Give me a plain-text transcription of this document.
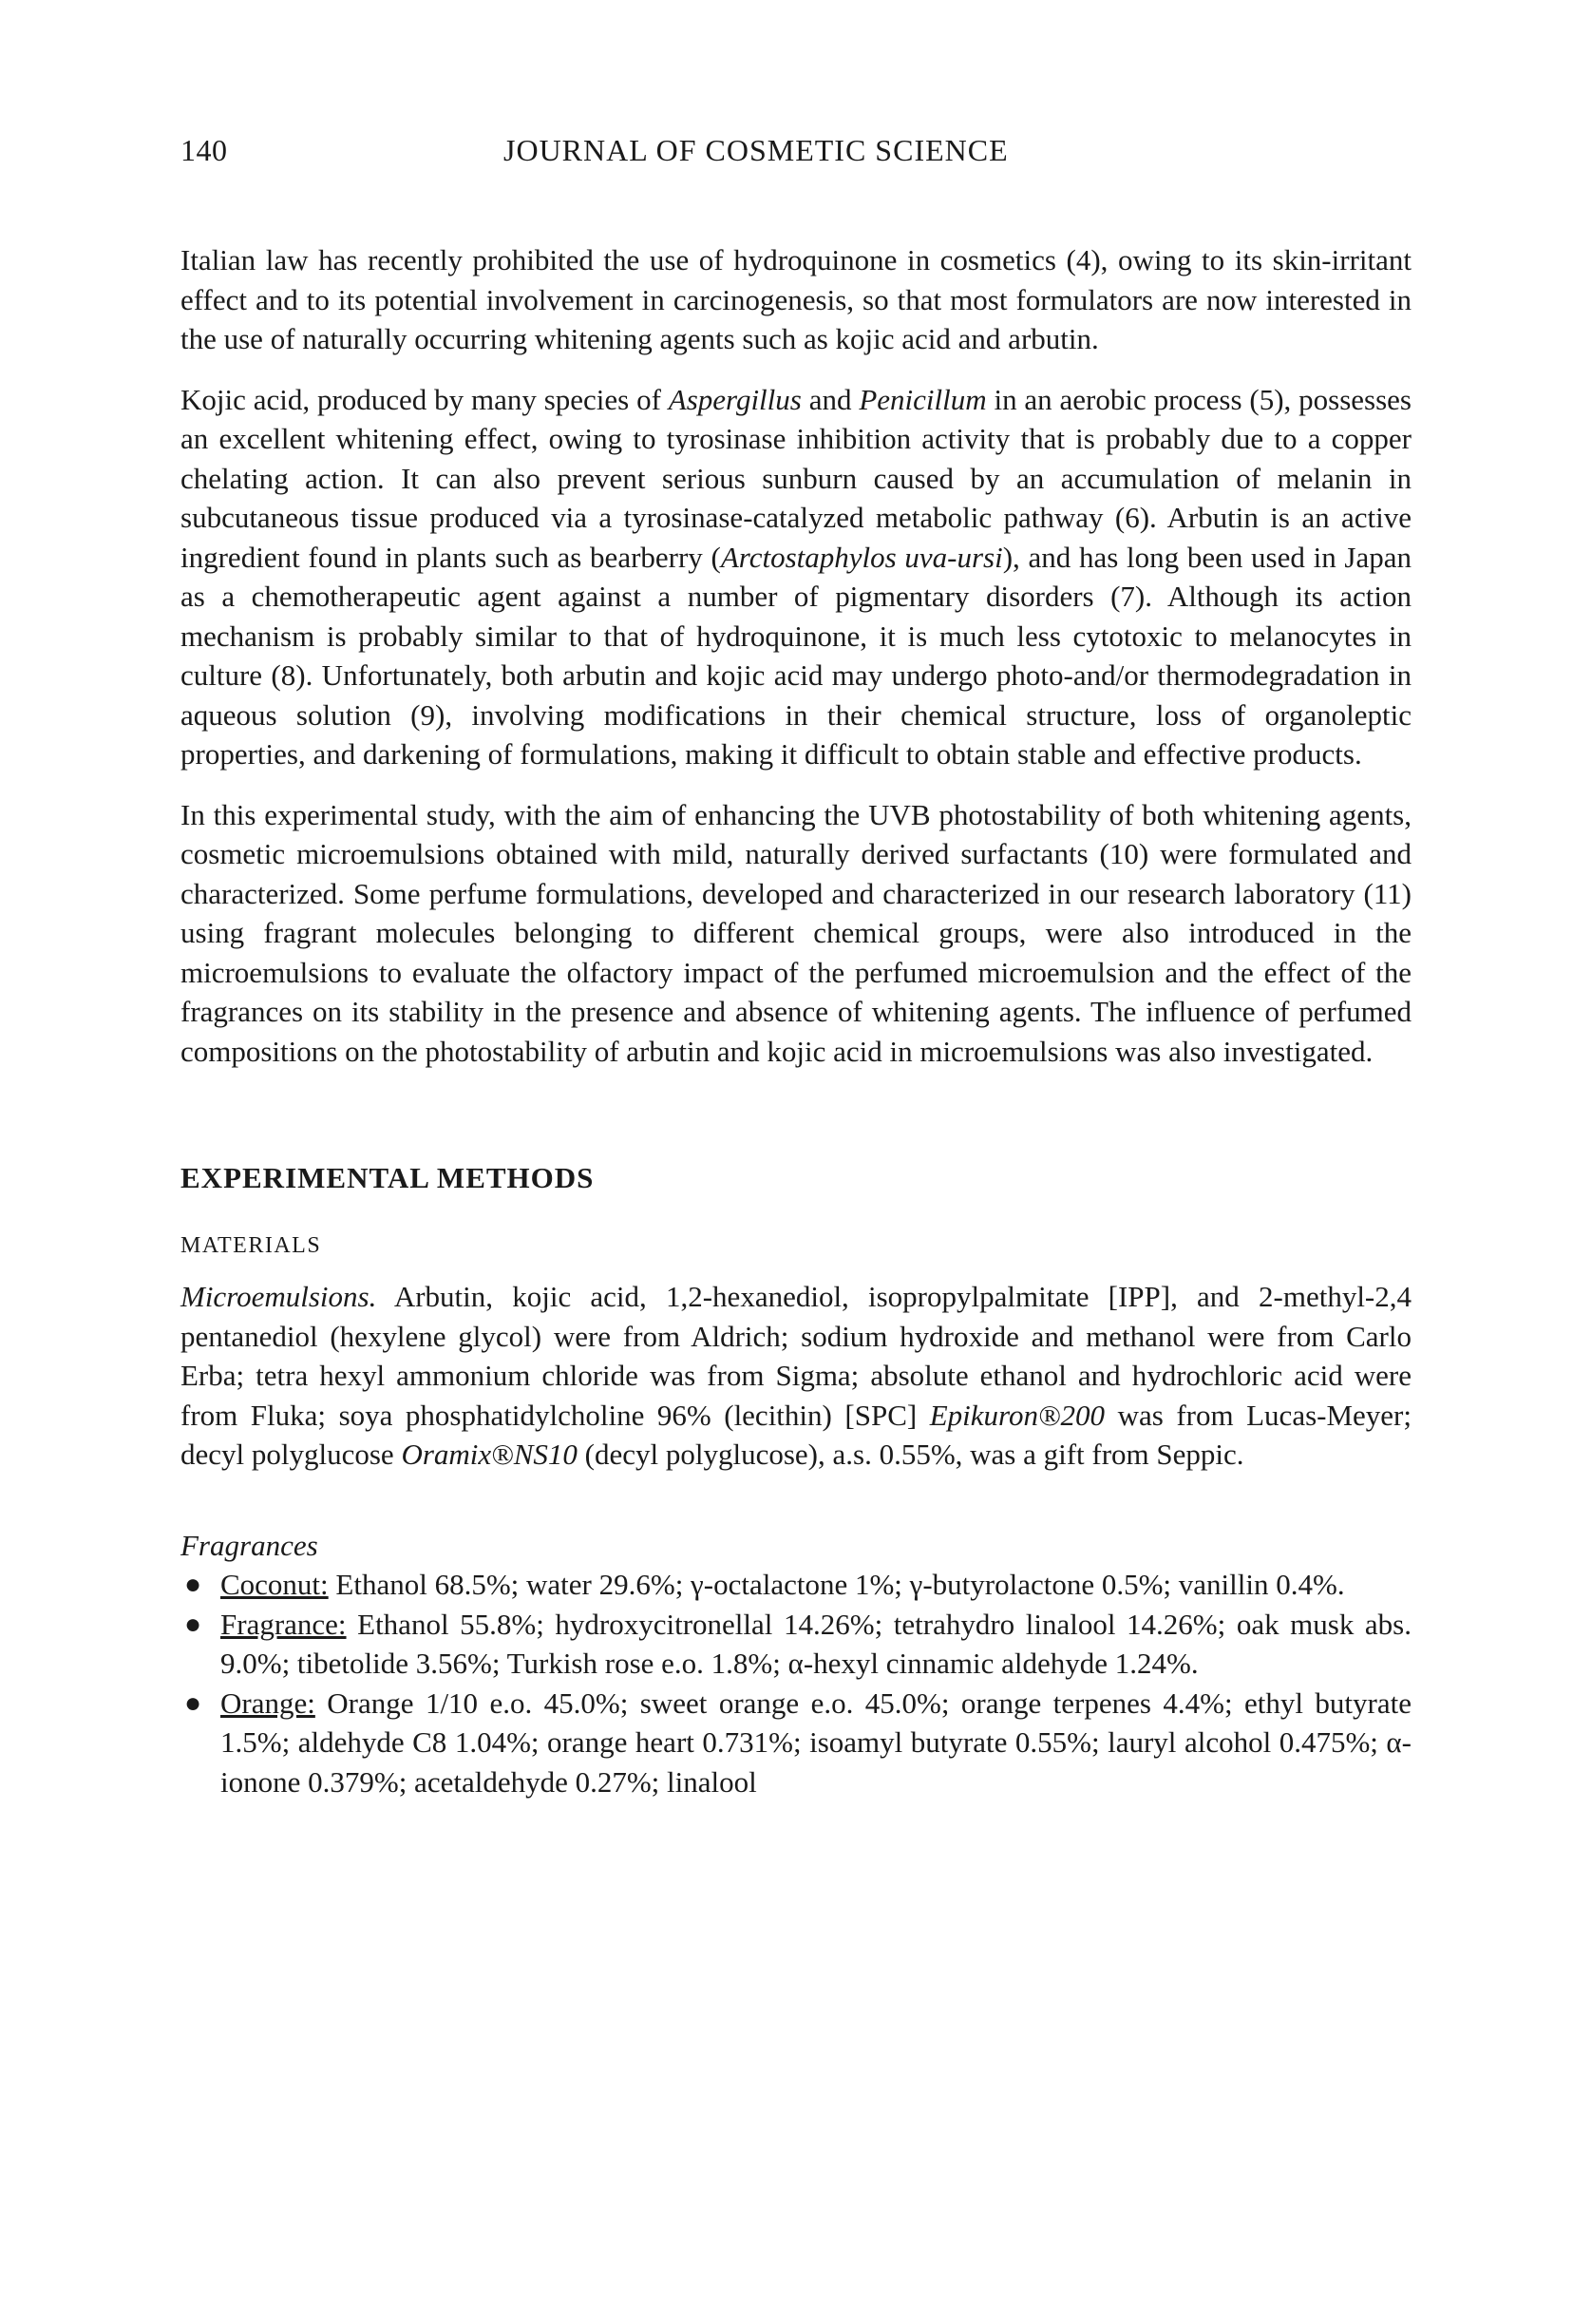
140	JOURNAL OF COSMETIC SCIENCE

Italian law has recently prohibited the use of hydroquinone in cosmetics (4), owing to its skin-irritant effect and to its potential involvement in carcinogenesis, so that most formulators are now interested in the use of naturally occurring whitening agents such as kojic acid and arbutin.

Kojic acid, produced by many species of Aspergillus and Penicillum in an aerobic process (5), possesses an excellent whitening effect, owing to tyrosinase inhibition activity that is probably due to a copper chelating action. It can also prevent serious sunburn caused by an accumulation of melanin in subcutaneous tissue produced via a tyrosinase-catalyzed metabolic pathway (6). Arbutin is an active ingredient found in plants such as bearberry (Arctostaphylos uva-ursi), and has long been used in Japan as a chemotherapeutic agent against a number of pigmentary disorders (7). Although its action mechanism is probably similar to that of hydroquinone, it is much less cytotoxic to melanocytes in culture (8). Unfortunately, both arbutin and kojic acid may undergo photo-and/or thermodegradation in aqueous solution (9), involving modifications in their chemical structure, loss of organoleptic properties, and darkening of formulations, making it difficult to obtain stable and effective products.

In this experimental study, with the aim of enhancing the UVB photostability of both whitening agents, cosmetic microemulsions obtained with mild, naturally derived surfactants (10) were formulated and characterized. Some perfume formulations, developed and characterized in our research laboratory (11) using fragrant molecules belonging to different chemical groups, were also introduced in the microemulsions to evaluate the olfactory impact of the perfumed microemulsion and the effect of the fragrances on its stability in the presence and absence of whitening agents. The influence of perfumed compositions on the photostability of arbutin and kojic acid in microemulsions was also investigated.

EXPERIMENTAL METHODS
MATERIALS

Microemulsions. Arbutin, kojic acid, 1,2-hexanediol, isopropylpalmitate [IPP], and 2-methyl-2,4 pentanediol (hexylene glycol) were from Aldrich; sodium hydroxide and methanol were from Carlo Erba; tetra hexyl ammonium chloride was from Sigma; absolute ethanol and hydrochloric acid were from Fluka; soya phosphatidylcholine 96% (lecithin) [SPC] Epikuron®200 was from Lucas-Meyer; decyl polyglucose Oramix®NS10 (decyl polyglucose), a.s. 0.55%, was a gift from Seppic.

Fragrances
● Coconut: Ethanol 68.5%; water 29.6%; γ-octalactone 1%; γ-butyrolactone 0.5%; vanillin 0.4%.
● Fragrance: Ethanol 55.8%; hydroxycitronellal 14.26%; tetrahydro linalool 14.26%; oak musk abs. 9.0%; tibetolide 3.56%; Turkish rose e.o. 1.8%; α-hexyl cinnamic aldehyde 1.24%.
● Orange: Orange 1/10 e.o. 45.0%; sweet orange e.o. 45.0%; orange terpenes 4.4%; ethyl butyrate 1.5%; aldehyde C8 1.04%; orange heart 0.731%; isoamyl butyrate 0.55%; lauryl alcohol 0.475%; α-ionone 0.379%; acetaldehyde 0.27%; linalool
